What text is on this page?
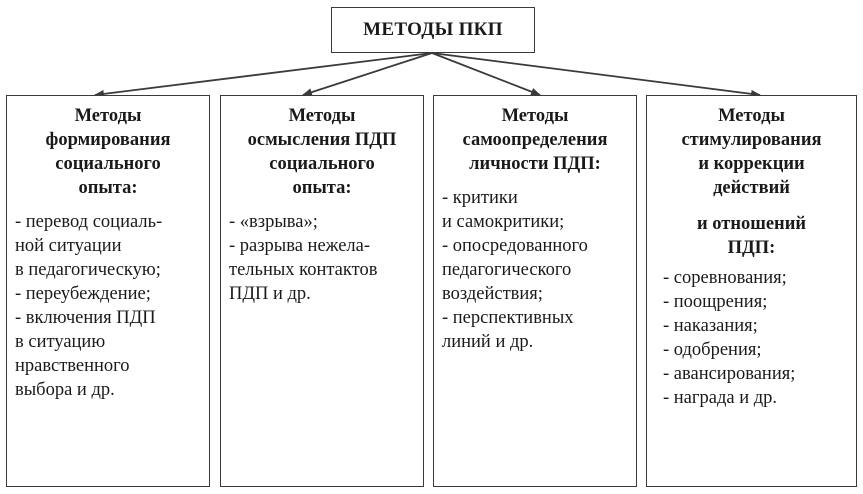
МЕТОДЫ ПКП
Методы
формирования
социального
опыта:
- перевод социаль-
ной ситуации
в педагогическую;
- переубеждение;
- включения ПДП
в ситуацию
нравственного
выбора и др.
Методы
осмысления ПДП
социального
опыта:
- «взрыва»;
- разрыва нежела-
тельных контактов
ПДП и др.
Методы
самоопределения
личности ПДП:
- критики
и самокритики;
- опосредованного
педагогического
воздействия;
- перспективных
линий и др.
Методы
стимулирования
и коррекции
действий
и отношений
ПДП:
- соревнования;
- поощрения;
- наказания;
- одобрения;
- авансирования;
- награда и др.
